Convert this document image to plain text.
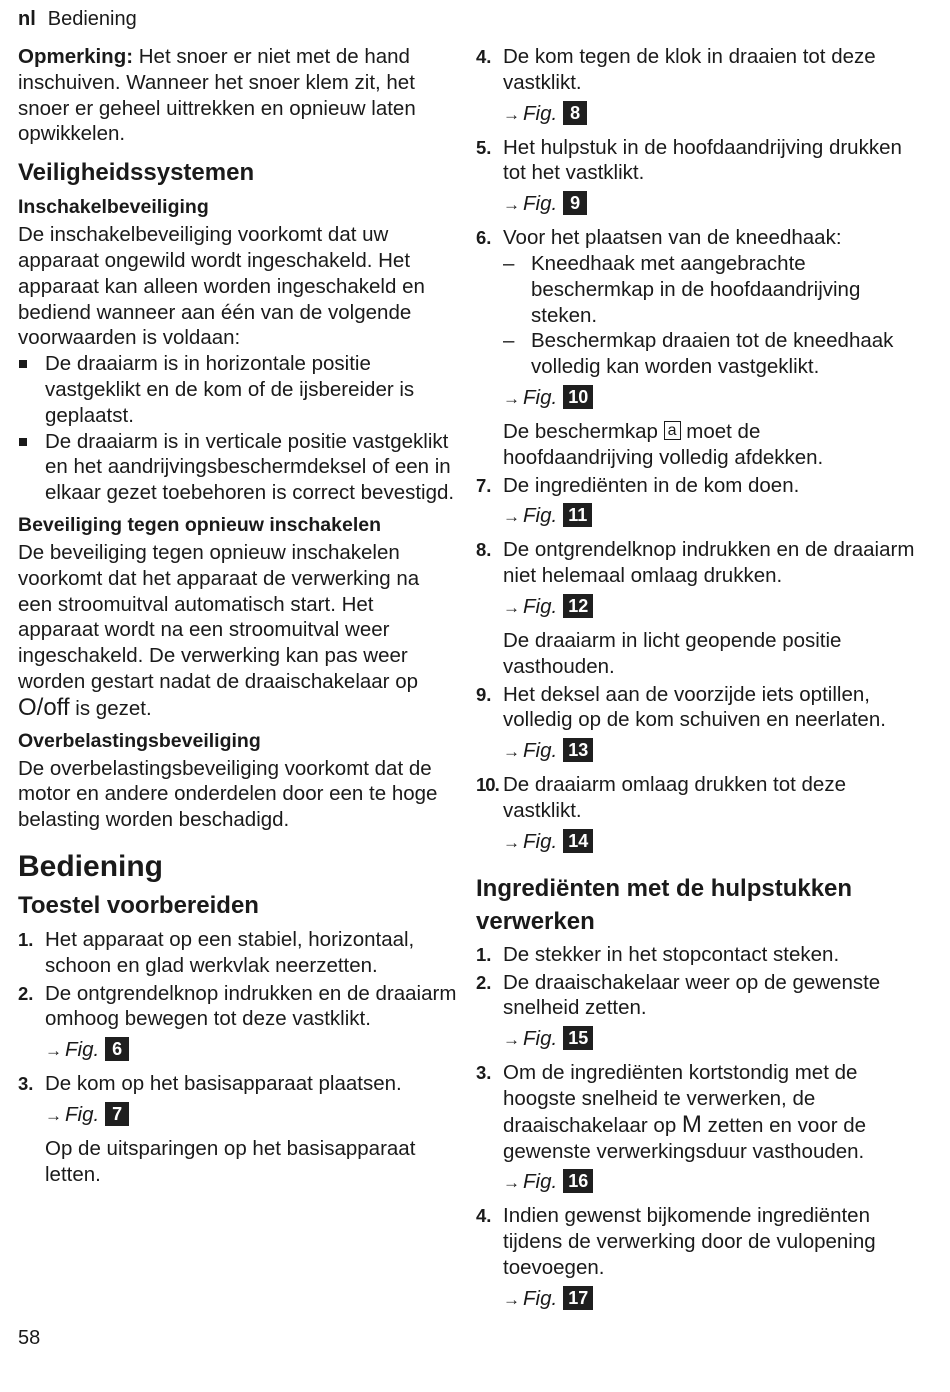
nl Bediening

Opmerking: Het snoer er niet met de hand inschuiven. Wanneer het snoer klem zit, het snoer er geheel uittrekken en opnieuw laten opwikkelen.

Veiligheidssystemen
Inschakelbeveiliging

De inschakelbeveiliging voorkomt dat uw apparaat ongewild wordt ingeschakeld. Het apparaat kan alleen worden ingeschakeld en bediend wanneer aan één van de volgende voorwaarden is voldaan:

De draaiarm is in horizontale positie vastgeklikt en de kom of de ijsbereider is geplaatst.
De draaiarm is in verticale positie vastgeklikt en het aandrijvingsbeschermdeksel of een in elkaar gezet toebehoren is correct bevestigd.
Beveiliging tegen opnieuw inschakelen

De beveiliging tegen opnieuw inschakelen voorkomt dat het apparaat de verwerking na een stroomuitval automatisch start. Het apparaat wordt na een stroomuitval weer ingeschakeld. De verwerking kan pas weer worden gestart nadat de draaischakelaar op O/off is gezet.

Overbelastingsbeveiliging

De overbelastingsbeveiliging voorkomt dat de motor en andere onderdelen door een te hoge belasting worden beschadigd.

Bediening
Toestel voorbereiden
1. Het apparaat op een stabiel, horizontaal, schoon en glad werkvlak neerzetten.
2. De ontgrendelknop indrukken en de draaiarm omhoog bewegen tot deze vastklikt.
→ Fig. 6
3. De kom op het basisapparaat plaatsen.
→ Fig. 7
Op de uitsparingen op het basisapparaat letten.
4. De kom tegen de klok in draaien tot deze vastklikt.
→ Fig. 8
5. Het hulpstuk in de hoofdaandrijving drukken tot het vastklikt.
→ Fig. 9
6. Voor het plaatsen van de kneedhaak:
– Kneedhaak met aangebrachte beschermkap in de hoofdaandrijving steken.
– Beschermkap draaien tot de kneedhaak volledig kan worden vastgeklikt.
→ Fig. 10
De beschermkap a moet de hoofdaandrijving volledig afdekken.
7. De ingrediënten in de kom doen.
→ Fig. 11
8. De ontgrendelknop indrukken en de draaiarm niet helemaal omlaag drukken.
→ Fig. 12
De draaiarm in licht geopende positie vasthouden.
9. Het deksel aan de voorzijde iets optillen, volledig op de kom schuiven en neerlaten.
→ Fig. 13
10. De draaiarm omlaag drukken tot deze vastklikt.
→ Fig. 14
Ingrediënten met de hulpstukken verwerken
1. De stekker in het stopcontact steken.
2. De draaischakelaar weer op de gewenste snelheid zetten.
→ Fig. 15
3. Om de ingrediënten kortstondig met de hoogste snelheid te verwerken, de draaischakelaar op M zetten en voor de gewenste verwerkingsduur vasthouden.
→ Fig. 16
4. Indien gewenst bijkomende ingrediënten tijdens de verwerking door de vulopening toevoegen.
→ Fig. 17
58
